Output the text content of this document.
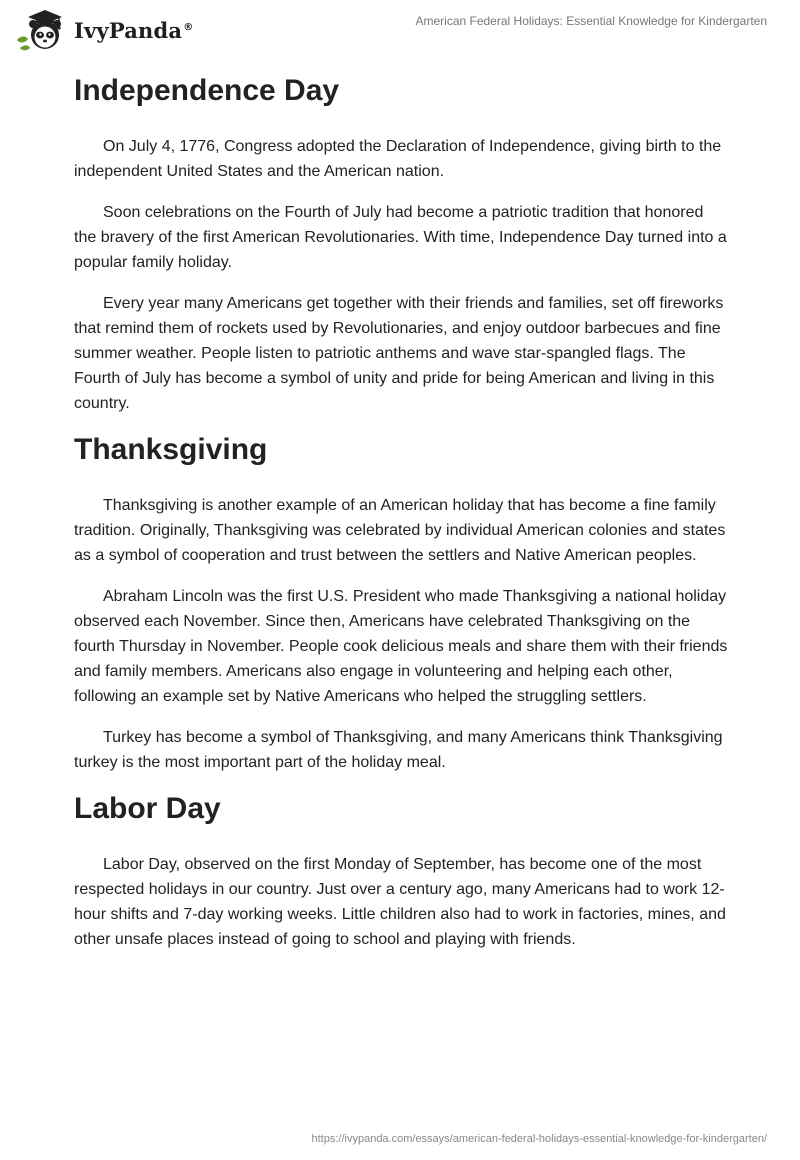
IvyPanda®	American Federal Holidays: Essential Knowledge for Kindergarten
Independence Day

On July 4, 1776, Congress adopted the Declaration of Independence, giving birth to the independent United States and the American nation.

Soon celebrations on the Fourth of July had become a patriotic tradition that honored the bravery of the first American Revolutionaries. With time, Independence Day turned into a popular family holiday.

Every year many Americans get together with their friends and families, set off fireworks that remind them of rockets used by Revolutionaries, and enjoy outdoor barbecues and fine summer weather. People listen to patriotic anthems and wave star-spangled flags. The Fourth of July has become a symbol of unity and pride for being American and living in this country.

Thanksgiving

Thanksgiving is another example of an American holiday that has become a fine family tradition. Originally, Thanksgiving was celebrated by individual American colonies and states as a symbol of cooperation and trust between the settlers and Native American peoples.

Abraham Lincoln was the first U.S. President who made Thanksgiving a national holiday observed each November. Since then, Americans have celebrated Thanksgiving on the fourth Thursday in November. People cook delicious meals and share them with their friends and family members. Americans also engage in volunteering and helping each other, following an example set by Native Americans who helped the struggling settlers.

Turkey has become a symbol of Thanksgiving, and many Americans think Thanksgiving turkey is the most important part of the holiday meal.

Labor Day

Labor Day, observed on the first Monday of September, has become one of the most respected holidays in our country. Just over a century ago, many Americans had to work 12-hour shifts and 7-day working weeks. Little children also had to work in factories, mines, and other unsafe places instead of going to school and playing with friends.

https://ivypanda.com/essays/american-federal-holidays-essential-knowledge-for-kindergarten/
